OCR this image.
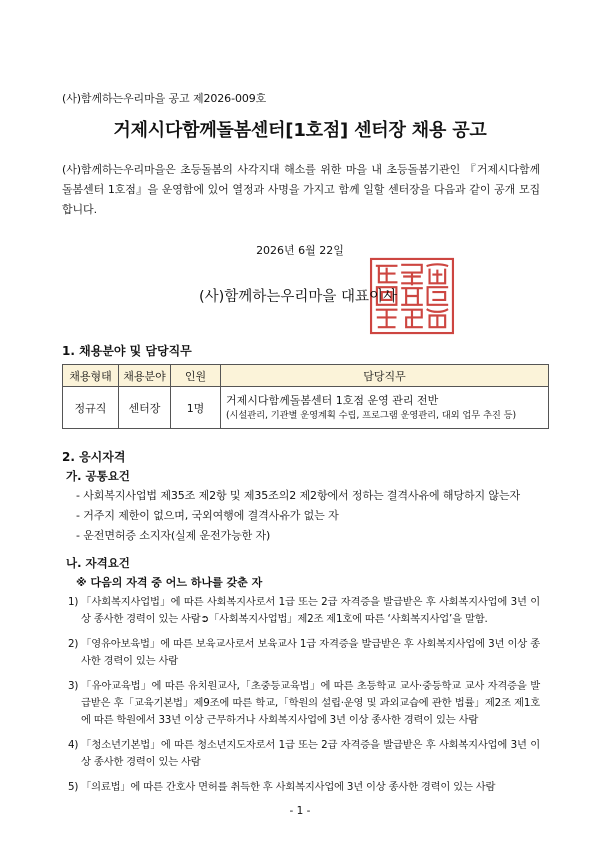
(사)함께하는우리마을 공고 제2026-009호
거제시다함께돌봄센터[1호점] 센터장 채용 공고

(사)함께하는우리마을은 초등돌봄의 사각지대 해소를 위한 마을 내 초등돌봄기관인 『거제시다함께돌봄센터 1호점』을 운영함에 있어 열정과 사명을 가지고 함께 일할 센터장을 다음과 같이 공개 모집합니다.

2026년 6월 22일
(사)함께하는우리마을 대표이사
1. 채용분야 및 담당직무
채용형태	채용분야	인원	담당직무
정규직	센터장	1명	거제시다함께돌봄센터 1호점 운영 관리 전반
(시설관리, 기관별 운영계획 수립, 프로그램 운영관리, 대외 업무 추진 등)
2. 응시자격
가. 공통요건
- 사회복지사업법 제35조 제2항 및 제35조의2 제2항에서 정하는 결격사유에 해당하지 않는자
- 거주지 제한이 없으며, 국외여행에 결격사유가 없는 자
- 운전면허증 소지자(실제 운전가능한 자)
나. 자격요건
※ 다음의 자격 중 어느 하나를 갖춘 자
1) 「사회복지사업법」에 따른 사회복지사로서 1급 또는 2급 자격증을 발급받은 후 사회복지사업에 3년 이상 종사한 경력이 있는 사람➲「사회복지사업법」제2조 제1호에 따른 ‘사회복지사업’을 말함.
2) 「영유아보육법」에 따른 보육교사로서 보육교사 1급 자격증을 발급받은 후 사회복지사업에 3년 이상 종사한 경력이 있는 사람
3) 「유아교육법」에 따른 유치원교사,「초중등교육법」에 따른 초등학교 교사·중등학교 교사 자격증을 발급받은 후「교육기본법」제9조에 따른 학교,「학원의 설립·운영 및 과외교습에 관한 법률」제2조 제1호에 따른 학원에서 33년 이상 근무하거나 사회복지사업에 3년 이상 종사한 경력이 있는 사람
4) 「청소년기본법」에 따른 청소년지도자로서 1급 또는 2급 자격증을 발급받은 후 사회복지사업에 3년 이상 종사한 경력이 있는 사람
5) 「의료법」에 따른 간호사 면허를 취득한 후 사회복지사업에 3년 이상 종사한 경력이 있는 사람
- 1 -
